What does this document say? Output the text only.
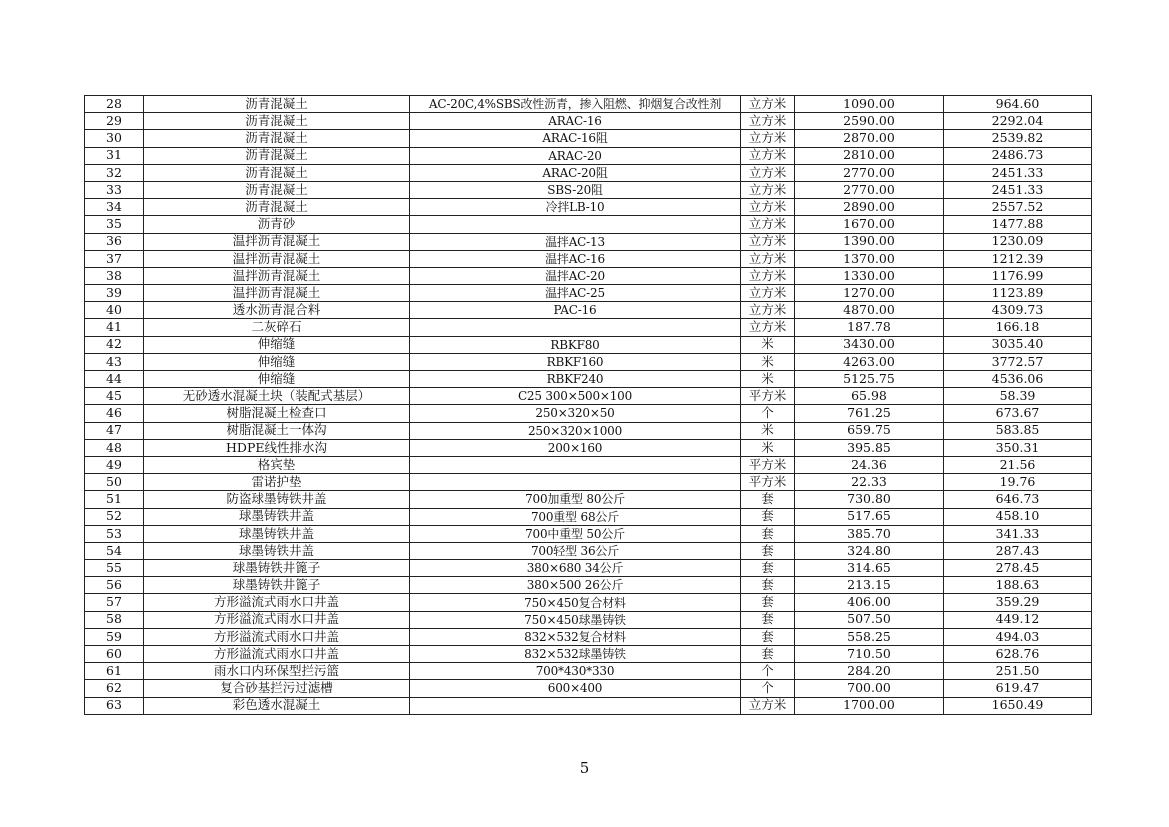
28	沥青混凝土	AC-20C,4%SBS改性沥青，掺入阻燃、抑烟复合改性剂	立方米	1090.00	964.60
29	沥青混凝土	ARAC-16	立方米	2590.00	2292.04
30	沥青混凝土	ARAC-16阻	立方米	2870.00	2539.82
31	沥青混凝土	ARAC-20	立方米	2810.00	2486.73
32	沥青混凝土	ARAC-20阻	立方米	2770.00	2451.33
33	沥青混凝土	SBS-20阻	立方米	2770.00	2451.33
34	沥青混凝土	冷拌LB-10	立方米	2890.00	2557.52
35	沥青砂		立方米	1670.00	1477.88
36	温拌沥青混凝土	温拌AC-13	立方米	1390.00	1230.09
37	温拌沥青混凝土	温拌AC-16	立方米	1370.00	1212.39
38	温拌沥青混凝土	温拌AC-20	立方米	1330.00	1176.99
39	温拌沥青混凝土	温拌AC-25	立方米	1270.00	1123.89
40	透水沥青混合料	PAC-16	立方米	4870.00	4309.73
41	二灰碎石		立方米	187.78	166.18
42	伸缩缝	RBKF80	米	3430.00	3035.40
43	伸缩缝	RBKF160	米	4263.00	3772.57
44	伸缩缝	RBKF240	米	5125.75	4536.06
45	无砂透水混凝土块（装配式基层）	C25 300×500×100	平方米	65.98	58.39
46	树脂混凝土检查口	250×320×50	个	761.25	673.67
47	树脂混凝土一体沟	250×320×1000	米	659.75	583.85
48	HDPE线性排水沟	200×160	米	395.85	350.31
49	格宾垫		平方米	24.36	21.56
50	雷诺护垫		平方米	22.33	19.76
51	防盗球墨铸铁井盖	700加重型 80公斤	套	730.80	646.73
52	球墨铸铁井盖	700重型 68公斤	套	517.65	458.10
53	球墨铸铁井盖	700中重型 50公斤	套	385.70	341.33
54	球墨铸铁井盖	700轻型 36公斤	套	324.80	287.43
55	球墨铸铁井篦子	380×680 34公斤	套	314.65	278.45
56	球墨铸铁井篦子	380×500 26公斤	套	213.15	188.63
57	方形溢流式雨水口井盖	750×450复合材料	套	406.00	359.29
58	方形溢流式雨水口井盖	750×450球墨铸铁	套	507.50	449.12
59	方形溢流式雨水口井盖	832×532复合材料	套	558.25	494.03
60	方形溢流式雨水口井盖	832×532球墨铸铁	套	710.50	628.76
61	雨水口内环保型拦污篮	700*430*330	个	284.20	251.50
62	复合砂基拦污过滤槽	600×400	个	700.00	619.47
63	彩色透水混凝土		立方米	1700.00	1650.49
5
